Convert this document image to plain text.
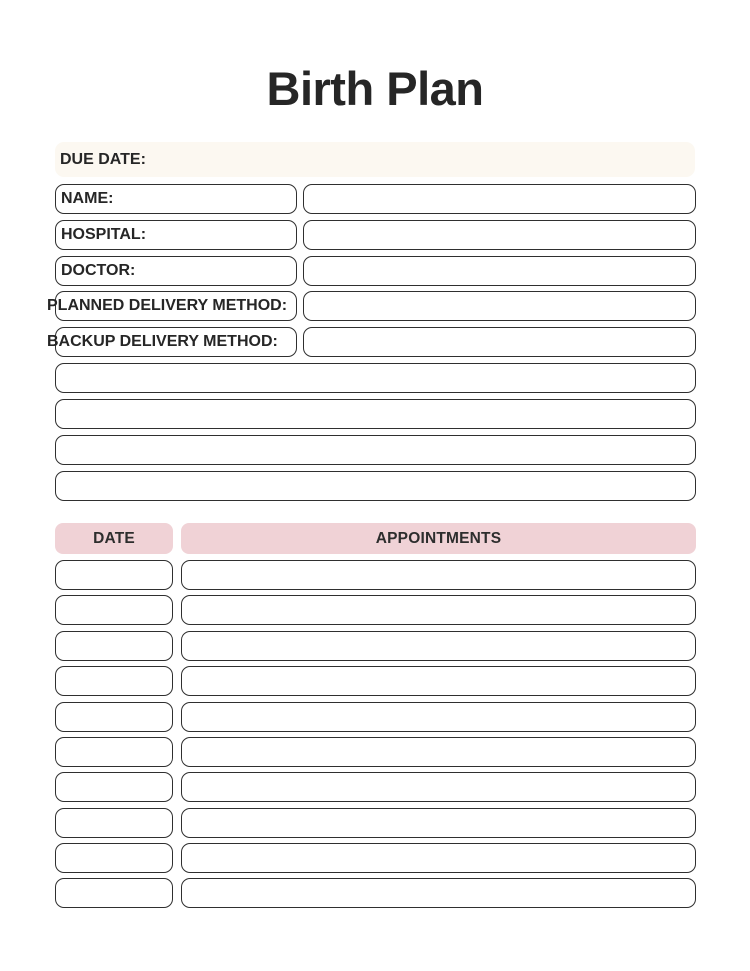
Birth Plan
DUE DATE:
NAME:
HOSPITAL:
DOCTOR:
PLANNED DELIVERY METHOD:
BACKUP DELIVERY METHOD:
DATE	APPOINTMENTS
